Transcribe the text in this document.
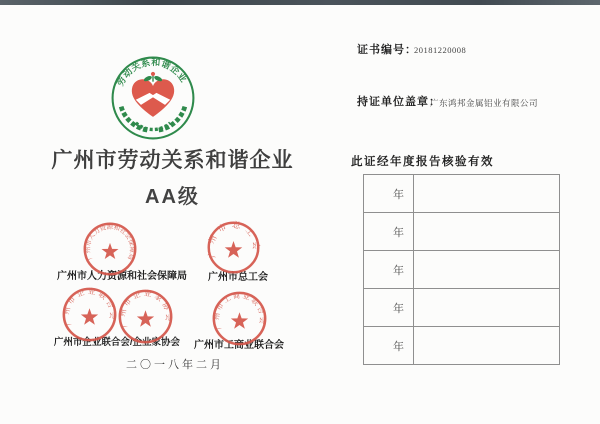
劳动关系和谐企业
广州市劳动关系和谐企业
AA级
广州市人力资源和社会保障局	广州市总工会
广州市人力资源和社会保障局	广州市总工会
广州市企业联合会/企业家协会	广州市工商业联合会
广州市企业联合会 广州市企业家协会
广州市工商业联合会
二〇一八年二月
证书编号：
20181220008
持证单位盖章：
广东鸿邦金属铝业有限公司
此证经年度报告核验有效
年
年
年
年
年
